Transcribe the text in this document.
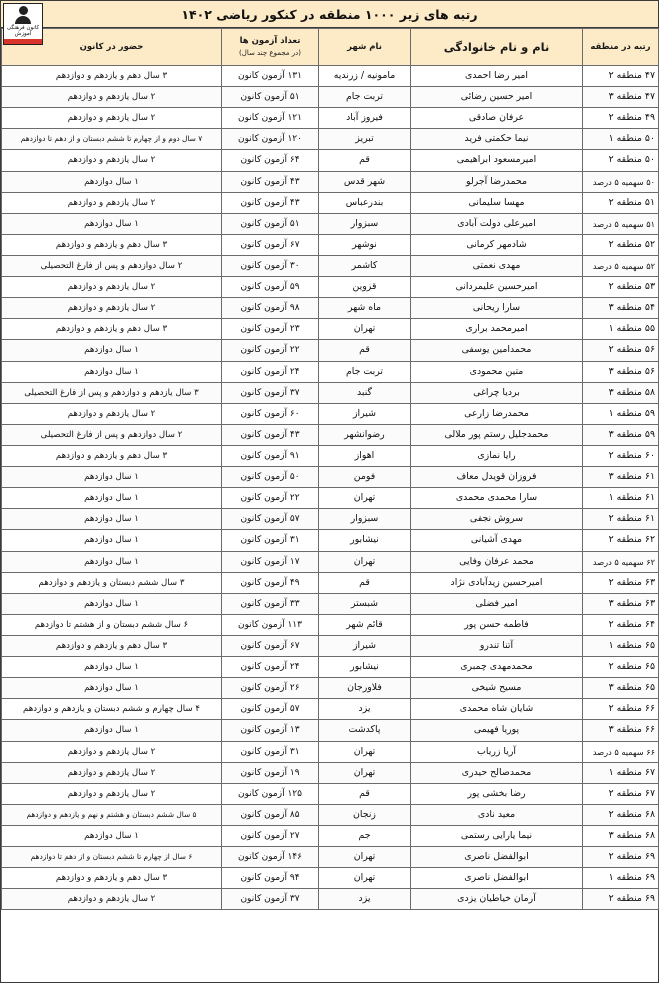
رتبه های زیر ۱۰۰۰ منطقه در کنکور ریاضی ۱۴۰۲
کانون فرهنگی آموزش
رتبه در منطقه	نام و نام خانوادگی	نام شهر	تعداد آزمون ها
(در مجموع چند سال)	حضور در کانون
۴۷ منطقه ۲	امیر رضا احمدی	مامونیه / زرندیه	۱۳۱ آزمون کانون	۳ سال دهم و یازدهم و دوازدهم
۴۷ منطقه ۳	امیر حسین رضائی	تربت جام	۵۱ آزمون کانون	۲ سال یازدهم و دوازدهم
۴۹ منطقه ۲	عرفان صادقی	فیروز آباد	۱۲۱ آزمون کانون	۲ سال یازدهم و دوازدهم
۵۰ منطقه ۱	نیما حکمتی فرید	تبریز	۱۲۰ آزمون کانون	۷ سال دوم و از چهارم تا ششم دبستان و از دهم تا دوازدهم
۵۰ منطقه ۲	امیرمسعود ابراهیمی	قم	۶۴ آزمون کانون	۲ سال یازدهم و دوازدهم
۵۰ سهمیه ۵ درصد	محمدرضا آجرلو	شهر قدس	۴۳ آزمون کانون	۱ سال دوازدهم
۵۱ منطقه ۲	مهسا سلیمانی	بندرعباس	۴۳ آزمون کانون	۲ سال یازدهم و دوازدهم
۵۱ سهمیه ۵ درصد	امیرعلی دولت آبادی	سبزوار	۵۱ آزمون کانون	۱ سال دوازدهم
۵۲ منطقه ۲	شادمهر کرمانی	نوشهر	۶۷ آزمون کانون	۳ سال دهم و یازدهم و دوازدهم
۵۲ سهمیه ۵ درصد	مهدی نعمتی	کاشمر	۳۰ آزمون کانون	۲ سال دوازدهم و پس از فارغ التحصیلی
۵۳ منطقه ۲	امیرحسین علیمردانی	قزوین	۵۹ آزمون کانون	۲ سال یازدهم و دوازدهم
۵۴ منطقه ۳	سارا ریحانی	ماه شهر	۹۸ آزمون کانون	۲ سال یازدهم و دوازدهم
۵۵ منطقه ۱	امیرمحمد براری	تهران	۲۳ آزمون کانون	۳ سال دهم و یازدهم و دوازدهم
۵۶ منطقه ۲	محمدامین یوسفی	قم	۲۲ آزمون کانون	۱ سال دوازدهم
۵۶ منطقه ۳	متین محمودی	تربت جام	۲۴ آزمون کانون	۱ سال دوازدهم
۵۸ منطقه ۳	بردیا چراغی	گنبد	۳۷ آزمون کانون	۳ سال یازدهم و دوازدهم و پس از فارغ التحصیلی
۵۹ منطقه ۱	محمدرضا زارعی	شیراز	۶۰ آزمون کانون	۲ سال یازدهم و دوازدهم
۵۹ منطقه ۳	محمدجلیل رستم پور ملالی	رضوانشهر	۴۳ آزمون کانون	۲ سال دوازدهم و پس از فارغ التحصیلی
۶۰ منطقه ۲	رایا نمازی	اهواز	۹۱ آزمون کانون	۳ سال دهم و یازدهم و دوازدهم
۶۱ منطقه ۳	فروزان قویدل معاف	فومن	۵۰ آزمون کانون	۱ سال دوازدهم
۶۱ منطقه ۱	سارا محمدی محمدی	تهران	۲۲ آزمون کانون	۱ سال دوازدهم
۶۱ منطقه ۲	سروش نجفی	سبزوار	۵۷ آزمون کانون	۱ سال دوازدهم
۶۲ منطقه ۲	مهدی آشیانی	نیشابور	۳۱ آزمون کانون	۱ سال دوازدهم
۶۲ سهمیه ۵ درصد	محمد عرفان وفایی	تهران	۱۷ آزمون کانون	۱ سال دوازدهم
۶۳ منطقه ۲	امیرحسین زیدآبادی نژاد	قم	۴۹ آزمون کانون	۳ سال ششم دبستان و یازدهم و دوازدهم
۶۳ منطقه ۳	امیر فضلی	شبستر	۳۳ آزمون کانون	۱ سال دوازدهم
۶۴ منطقه ۲	فاطمه حسن پور	قائم شهر	۱۱۳ آزمون کانون	۶ سال ششم دبستان و از هشتم تا دوازدهم
۶۵ منطقه ۱	آتنا تندرو	شیراز	۶۷ آزمون کانون	۳ سال دهم و یازدهم و دوازدهم
۶۵ منطقه ۲	محمدمهدی چمبری	نیشابور	۲۴ آزمون کانون	۱ سال دوازدهم
۶۵ منطقه ۳	مسیح شیخی	فلاورجان	۲۶ آزمون کانون	۱ سال دوازدهم
۶۶ منطقه ۲	شایان شاه محمدی	یزد	۵۷ آزمون کانون	۴ سال چهارم و ششم دبستان و یازدهم و دوازدهم
۶۶ منطقه ۳	پوریا فهیمی	پاکدشت	۱۳ آزمون کانون	۱ سال دوازدهم
۶۶ سهمیه ۵ درصد	آریا زریاب	تهران	۳۱ آزمون کانون	۲ سال یازدهم و دوازدهم
۶۷ منطقه ۱	محمدصالح حیدری	تهران	۱۹ آزمون کانون	۲ سال یازدهم و دوازدهم
۶۷ منطقه ۲	رضا بخشی پور	قم	۱۲۵ آزمون کانون	۲ سال یازدهم و دوازدهم
۶۸ منطقه ۲	معید نادی	زنجان	۸۵ آزمون کانون	۵ سال ششم دبستان و هشتم و نهم و یازدهم و دوازدهم
۶۸ منطقه ۳	نیما یارایی رستمی	جم	۲۷ آزمون کانون	۱ سال دوازدهم
۶۹ منطقه ۲	ابوالفضل ناصری	تهران	۱۴۶ آزمون کانون	۶ سال از چهارم تا ششم دبستان و از دهم تا دوازدهم
۶۹ منطقه ۱	ابوالفضل ناصری	تهران	۹۴ آزمون کانون	۳ سال دهم و یازدهم و دوازدهم
۶۹ منطقه ۲	آرمان خیاطیان یزدی	یزد	۳۷ آزمون کانون	۲ سال یازدهم و دوازدهم
